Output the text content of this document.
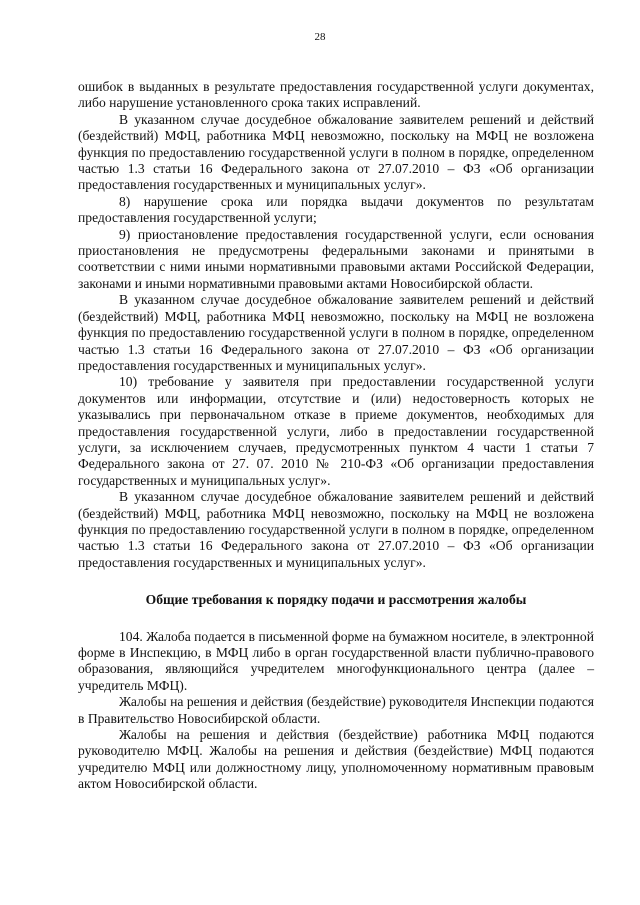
28

ошибок в выданных в результате предоставления государственной услуги документах, либо нарушение установленного срока таких исправлений.

В указанном случае досудебное обжалование заявителем решений и действий (бездействий) МФЦ, работника МФЦ невозможно, поскольку на МФЦ не возложена функция по предоставлению государственной услуги в полном в порядке, определенном частью 1.3 статьи 16 Федерального закона от 27.07.2010 – ФЗ «Об организации предоставления государственных и муниципальных услуг».

8) нарушение срока или порядка выдачи документов по результатам предоставления государственной услуги;

9) приостановление предоставления государственной услуги, если основания приостановления не предусмотрены федеральными законами и принятыми в соответствии с ними иными нормативными правовыми актами Российской Федерации, законами и иными нормативными правовыми актами Новосибирской области.

В указанном случае досудебное обжалование заявителем решений и действий (бездействий) МФЦ, работника МФЦ невозможно, поскольку на МФЦ не возложена функция по предоставлению государственной услуги в полном в порядке, определенном частью 1.3 статьи 16 Федерального закона от 27.07.2010 – ФЗ «Об организации предоставления государственных и муниципальных услуг».

10) требование у заявителя при предоставлении государственной услуги документов или информации, отсутствие и (или) недостоверность которых не указывались при первоначальном отказе в приеме документов, необходимых для предоставления государственной услуги, либо в предоставлении государственной услуги, за исключением случаев, предусмотренных пунктом 4 части 1 статьи 7 Федерального закона от 27. 07. 2010 № 210-ФЗ «Об организации предоставления государственных и муниципальных услуг».

В указанном случае досудебное обжалование заявителем решений и действий (бездействий) МФЦ, работника МФЦ невозможно, поскольку на МФЦ не возложена функция по предоставлению государственной услуги в полном в порядке, определенном частью 1.3 статьи 16 Федерального закона от 27.07.2010 – ФЗ «Об организации предоставления государственных и муниципальных услуг».

Общие требования к порядку подачи и рассмотрения жалобы

104. Жалоба подается в письменной форме на бумажном носителе, в электронной форме в Инспекцию, в МФЦ либо в орган государственной власти публично-правового образования, являющийся учредителем многофункционального центра (далее – учредитель МФЦ).

Жалобы на решения и действия (бездействие) руководителя Инспекции подаются в Правительство Новосибирской области.

Жалобы на решения и действия (бездействие) работника МФЦ подаются руководителю МФЦ. Жалобы на решения и действия (бездействие) МФЦ подаются учредителю МФЦ или должностному лицу, уполномоченному нормативным правовым актом Новосибирской области.
